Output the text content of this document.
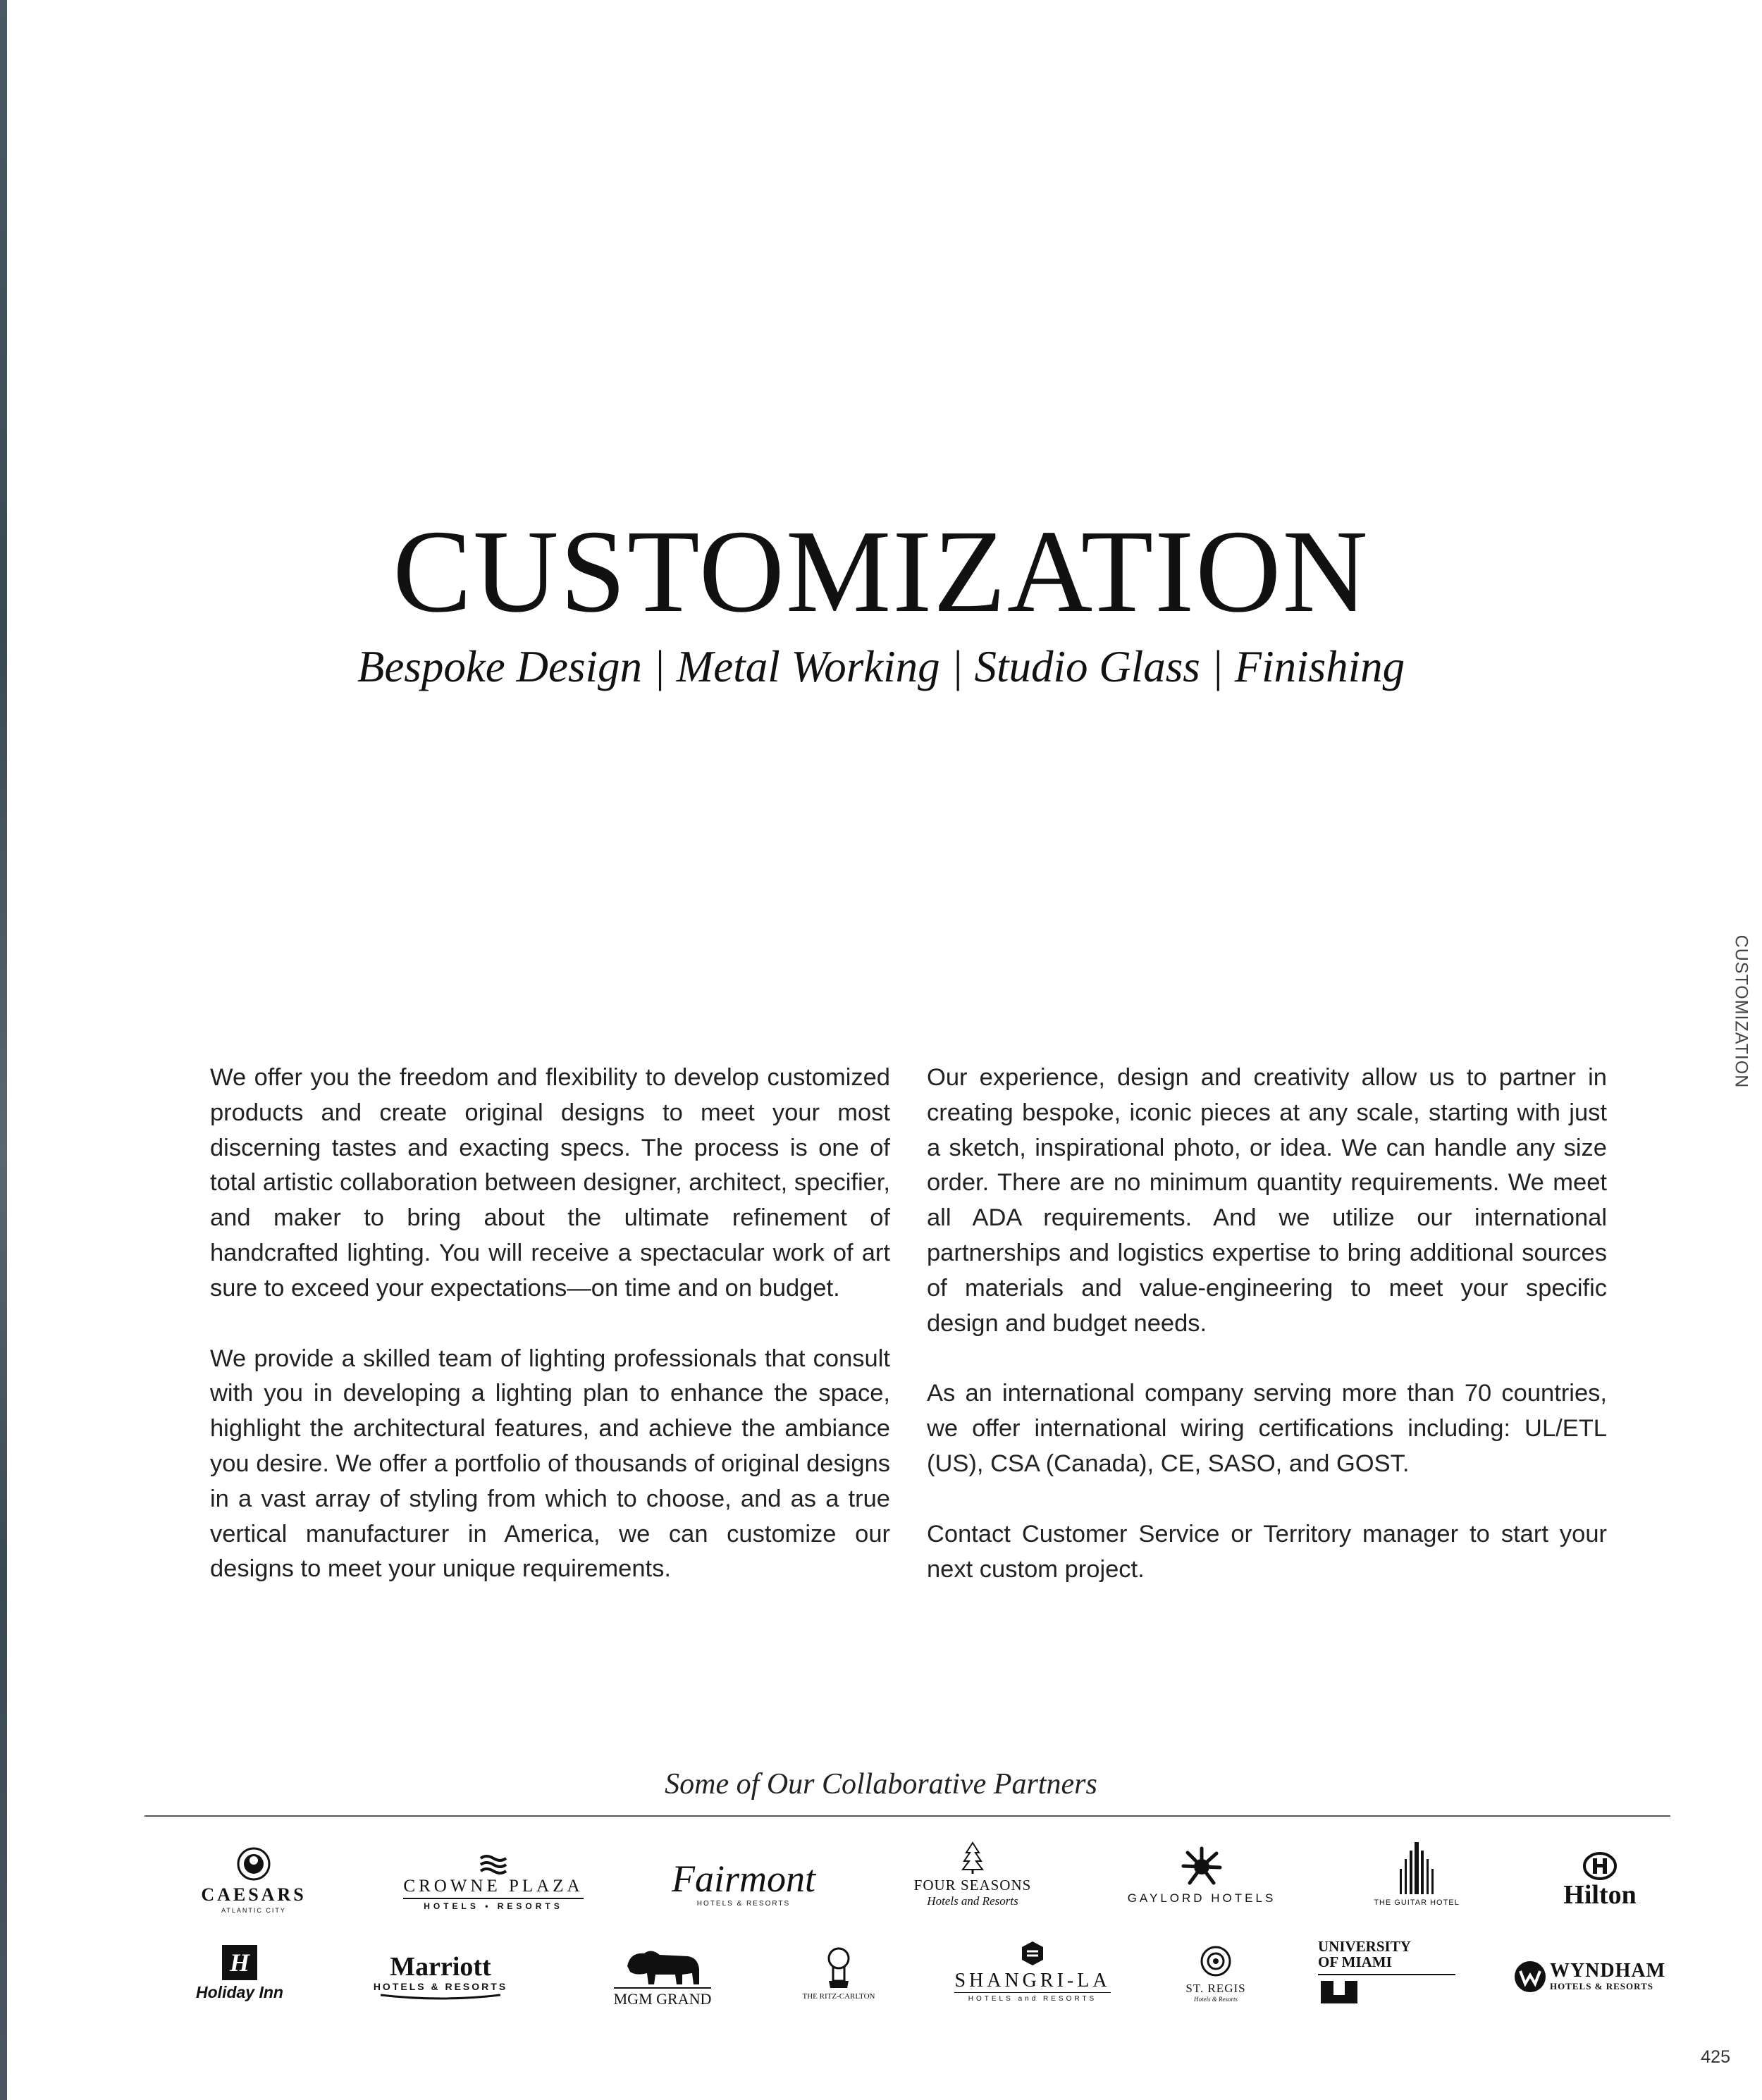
CUSTOMIZATION

Bespoke Design | Metal Working | Studio Glass | Finishing

CUSTOMIZATION

We offer you the freedom and flexibility to develop customized products and create original designs to meet your most discerning tastes and exacting specs. The process is one of total artistic collaboration between designer, architect, specifier, and maker to bring about the ultimate refinement of handcrafted lighting. You will receive a spectacular work of art sure to exceed your expectations—on time and on budget.

We provide a skilled team of lighting professionals that consult with you in developing a lighting plan to enhance the space, highlight the architectural features, and achieve the ambiance you desire. We offer a portfolio of thousands of original designs in a vast array of styling from which to choose, and as a true vertical manufacturer in America, we can customize our designs to meet your unique requirements.

Our experience, design and creativity allow us to partner in creating bespoke, iconic pieces at any scale, starting with just a sketch, inspirational photo, or idea. We can handle any size order. There are no minimum quantity requirements. We meet all ADA requirements. And we utilize our international partnerships and logistics expertise to bring additional sources of materials and value-engineering to meet your specific design and budget needs.

As an international company serving more than 70 countries, we offer international wiring certifications including: UL/ETL (US), CSA (Canada), CE, SASO, and GOST.

Contact Customer Service or Territory manager to start your next custom project.

Some of Our Collaborative Partners
CAESARS
ATLANTIC CITY
CROWNE PLAZA
HOTELS • RESORTS
Fairmont
HOTELS & RESORTS
FOUR SEASONS
Hotels and Resorts	GAYLORD HOTELS	THE GUITAR HOTEL	Hilton
H
Holiday Inn
Marriott
HOTELS & RESORTS
MGM GRAND	THE RITZ-CARLTON
SHANGRI-LA
HOTELS and RESORTS
ST. REGIS
Hotels & Resorts
UNIVERSITY
OF MIAMI	WYNDHAM
HOTELS & RESORTS
425
